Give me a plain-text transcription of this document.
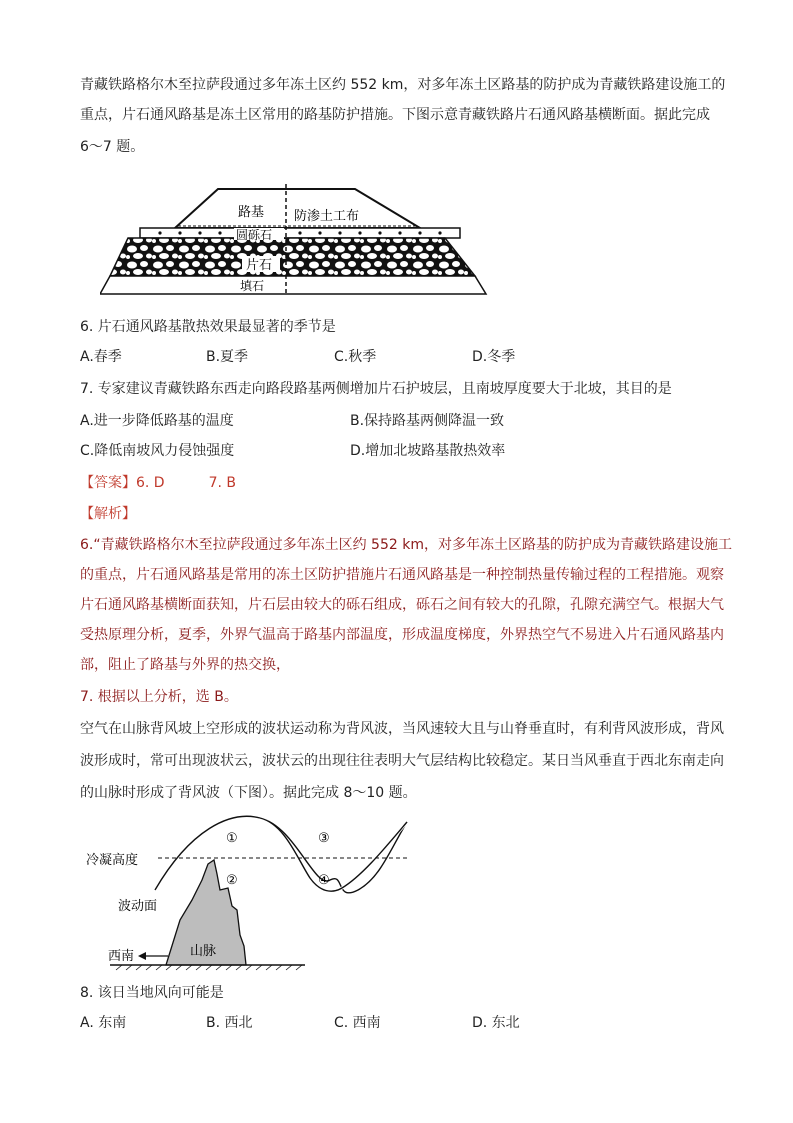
青藏铁路格尔木至拉萨段通过多年冻土区约 552 km，对多年冻土区路基的防护成为青藏铁路建设施工的
重点，片石通风路基是冻土区常用的路基防护措施。下图示意青藏铁路片石通风路基横断面。据此完成
6～7 题。
路基 防渗土工布
圆砾石
片石
填石
6. 片石通风路基散热效果最显著的季节是
A.春季	B.夏季	C.秋季	D.冬季
7. 专家建议青藏铁路东西走向路段路基两侧增加片石护坡层，且南坡厚度要大于北坡，其目的是
A.进一步降低路基的温度	B.保持路基两侧降温一致
C.降低南坡风力侵蚀强度	D.增加北坡路基散热效率
【答案】6. D	7. B
【解析】
6.“青藏铁路格尔木至拉萨段通过多年冻土区约 552 km，对多年冻土区路基的防护成为青藏铁路建设施工
的重点，片石通风路基是常用的冻土区防护措施片石通风路基是一种控制热量传输过程的工程措施。观察
片石通风路基横断面获知，片石层由较大的砾石组成，砾石之间有较大的孔隙，孔隙充满空气。根据大气
受热原理分析，夏季，外界气温高于路基内部温度，形成温度梯度，外界热空气不易进入片石通风路基内
部，阻止了路基与外界的热交换，
7. 根据以上分析，选 B。
空气在山脉背风坡上空形成的波状运动称为背风波，当风速较大且与山脊垂直时，有利背风波形成，背风
波形成时，常可出现波状云，波状云的出现往往表明大气层结构比较稳定。某日当风垂直于西北东南走向
的山脉时形成了背风波（下图）。据此完成 8～10 题。
冷凝高度
波动面
西南	山脉
①
②
③
④
8. 该日当地风向可能是
A. 东南	B. 西北	C. 西南	D. 东北
